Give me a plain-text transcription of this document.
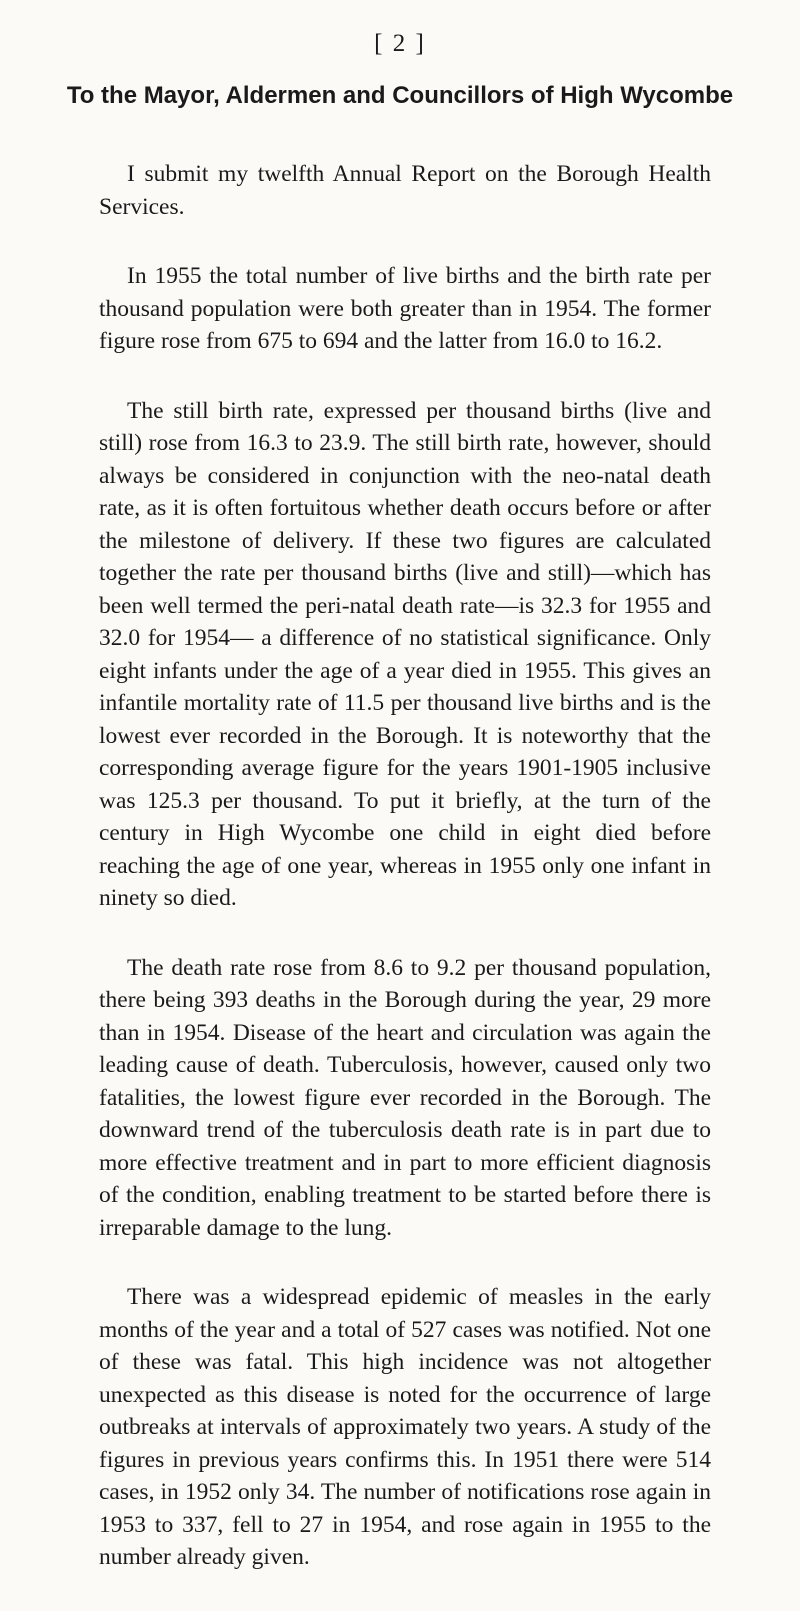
[ 2 ]
To the Mayor, Aldermen and Councillors of High Wycombe

I submit my twelfth Annual Report on the Borough Health Services.

In 1955 the total number of live births and the birth rate per thousand population were both greater than in 1954. The former figure rose from 675 to 694 and the latter from 16.0 to 16.2.

The still birth rate, expressed per thousand births (live and still) rose from 16.3 to 23.9. The still birth rate, however, should always be considered in conjunction with the neo-natal death rate, as it is often fortuitous whether death occurs before or after the milestone of delivery. If these two figures are calculated together the rate per thousand births (live and still)—which has been well termed the peri-natal death rate—is 32.3 for 1955 and 32.0 for 1954— a difference of no statistical significance. Only eight infants under the age of a year died in 1955. This gives an infantile mortality rate of 11.5 per thousand live births and is the lowest ever recorded in the Borough. It is noteworthy that the corresponding average figure for the years 1901-1905 inclusive was 125.3 per thousand. To put it briefly, at the turn of the century in High Wycombe one child in eight died before reaching the age of one year, whereas in 1955 only one infant in ninety so died.

The death rate rose from 8.6 to 9.2 per thousand population, there being 393 deaths in the Borough during the year, 29 more than in 1954. Disease of the heart and circulation was again the leading cause of death. Tuberculosis, however, caused only two fatalities, the lowest figure ever recorded in the Borough. The downward trend of the tuberculosis death rate is in part due to more effective treatment and in part to more efficient diagnosis of the condition, enabling treatment to be started before there is irreparable damage to the lung.

There was a widespread epidemic of measles in the early months of the year and a total of 527 cases was notified. Not one of these was fatal. This high incidence was not altogether unexpected as this disease is noted for the occurrence of large outbreaks at intervals of approximately two years. A study of the figures in previous years confirms this. In 1951 there were 514 cases, in 1952 only 34. The number of notifications rose again in 1953 to 337, fell to 27 in 1954, and rose again in 1955 to the number already given.
